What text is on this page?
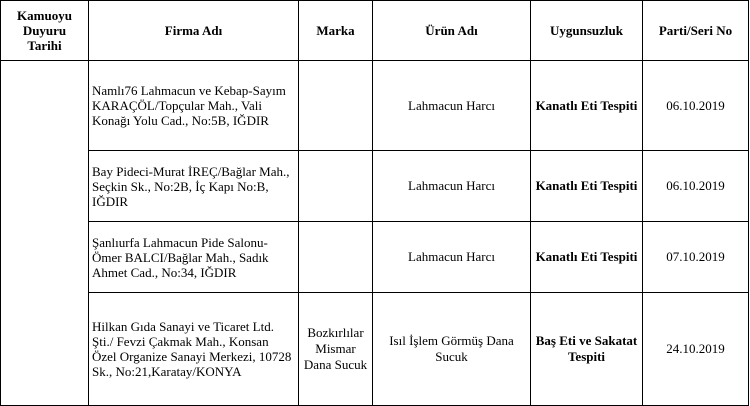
Kamuoyu Duyuru Tarihi	Firma Adı	Marka	Ürün Adı	Uygunsuzluk	Parti/Seri No
	Namlı76 Lahmacun ve Kebap-Sayım KARAÇÖL/Topçular Mah., Vali Konağı Yolu Cad., No:5B, IĞDIR		Lahmacun Harcı	Kanatlı Eti Tespiti	06.10.2019
	Bay Pideci-Murat İREÇ/Bağlar Mah., Seçkin Sk., No:2B, İç Kapı No:B, IĞDIR		Lahmacun Harcı	Kanatlı Eti Tespiti	06.10.2019
	Şanlıurfa Lahmacun Pide Salonu-Ömer BALCI/Bağlar Mah., Sadık Ahmet Cad., No:34, IĞDIR		Lahmacun Harcı	Kanatlı Eti Tespiti	07.10.2019
	Hilkan Gıda Sanayi ve Ticaret Ltd. Şti./ Fevzi Çakmak Mah., Konsan Özel Organize Sanayi Merkezi, 10728 Sk., No:21,Karatay/KONYA	Bozkırlılar Mismar Dana Sucuk	Isıl İşlem Görmüş Dana Sucuk	Baş Eti ve Sakatat Tespiti	24.10.2019
